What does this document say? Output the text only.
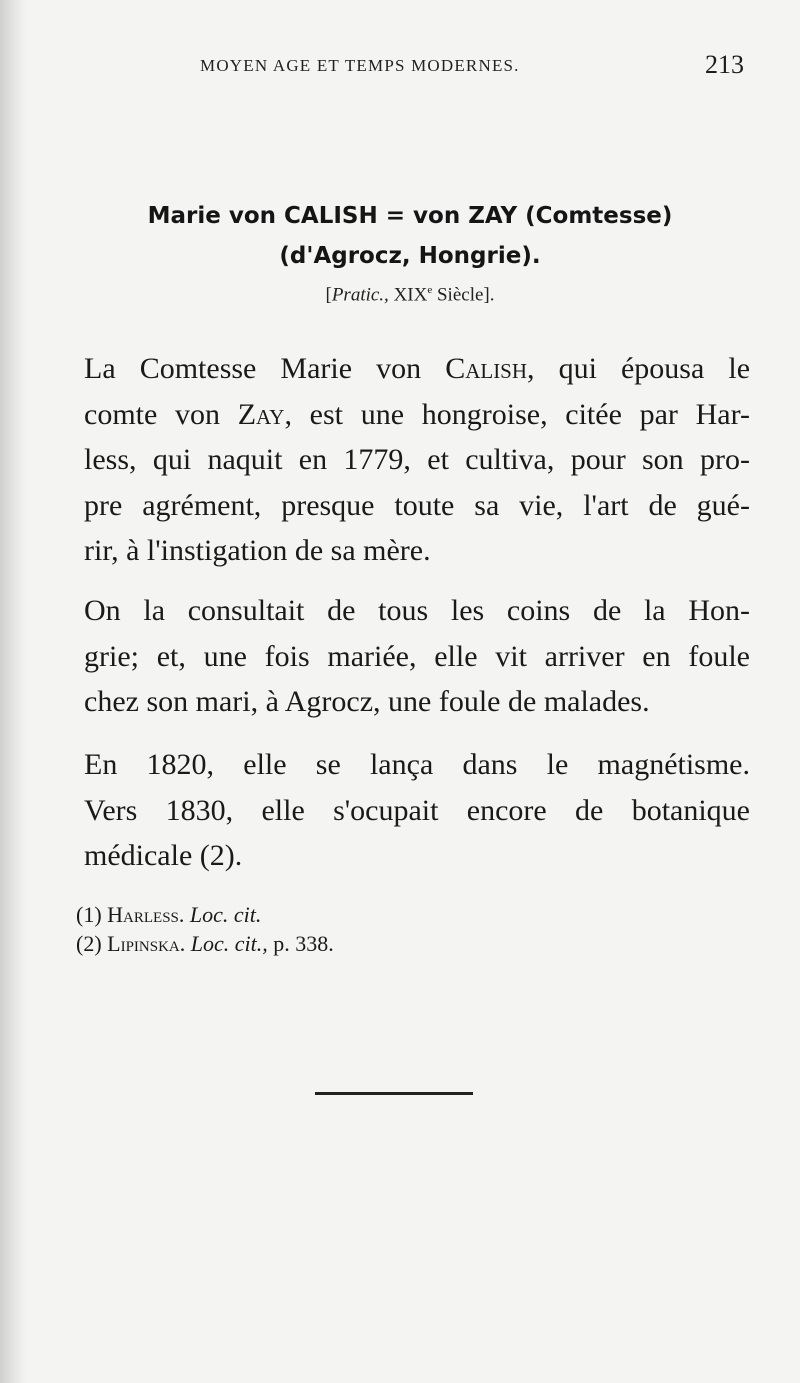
MOYEN AGE ET TEMPS MODERNES.	213
Marie von CALISH = von ZAY (Comtesse)
(d'Agrocz, Hongrie).
[Pratic., XIXe Siècle].
La Comtesse Marie von Calish, qui épousa le
comte von Zay, est une hongroise, citée par Har-
less, qui naquit en 1779, et cultiva, pour son pro-
pre agrément, presque toute sa vie, l'art de gué-
rir, à l'instigation de sa mère.
On la consultait de tous les coins de la Hon-
grie; et, une fois mariée, elle vit arriver en foule
chez son mari, à Agrocz, une foule de malades.
En 1820, elle se lança dans le magnétisme.
Vers 1830, elle s'ocupait encore de botanique
médicale (2).
(1) Harless. Loc. cit.
(2) Lipinska. Loc. cit., p. 338.
